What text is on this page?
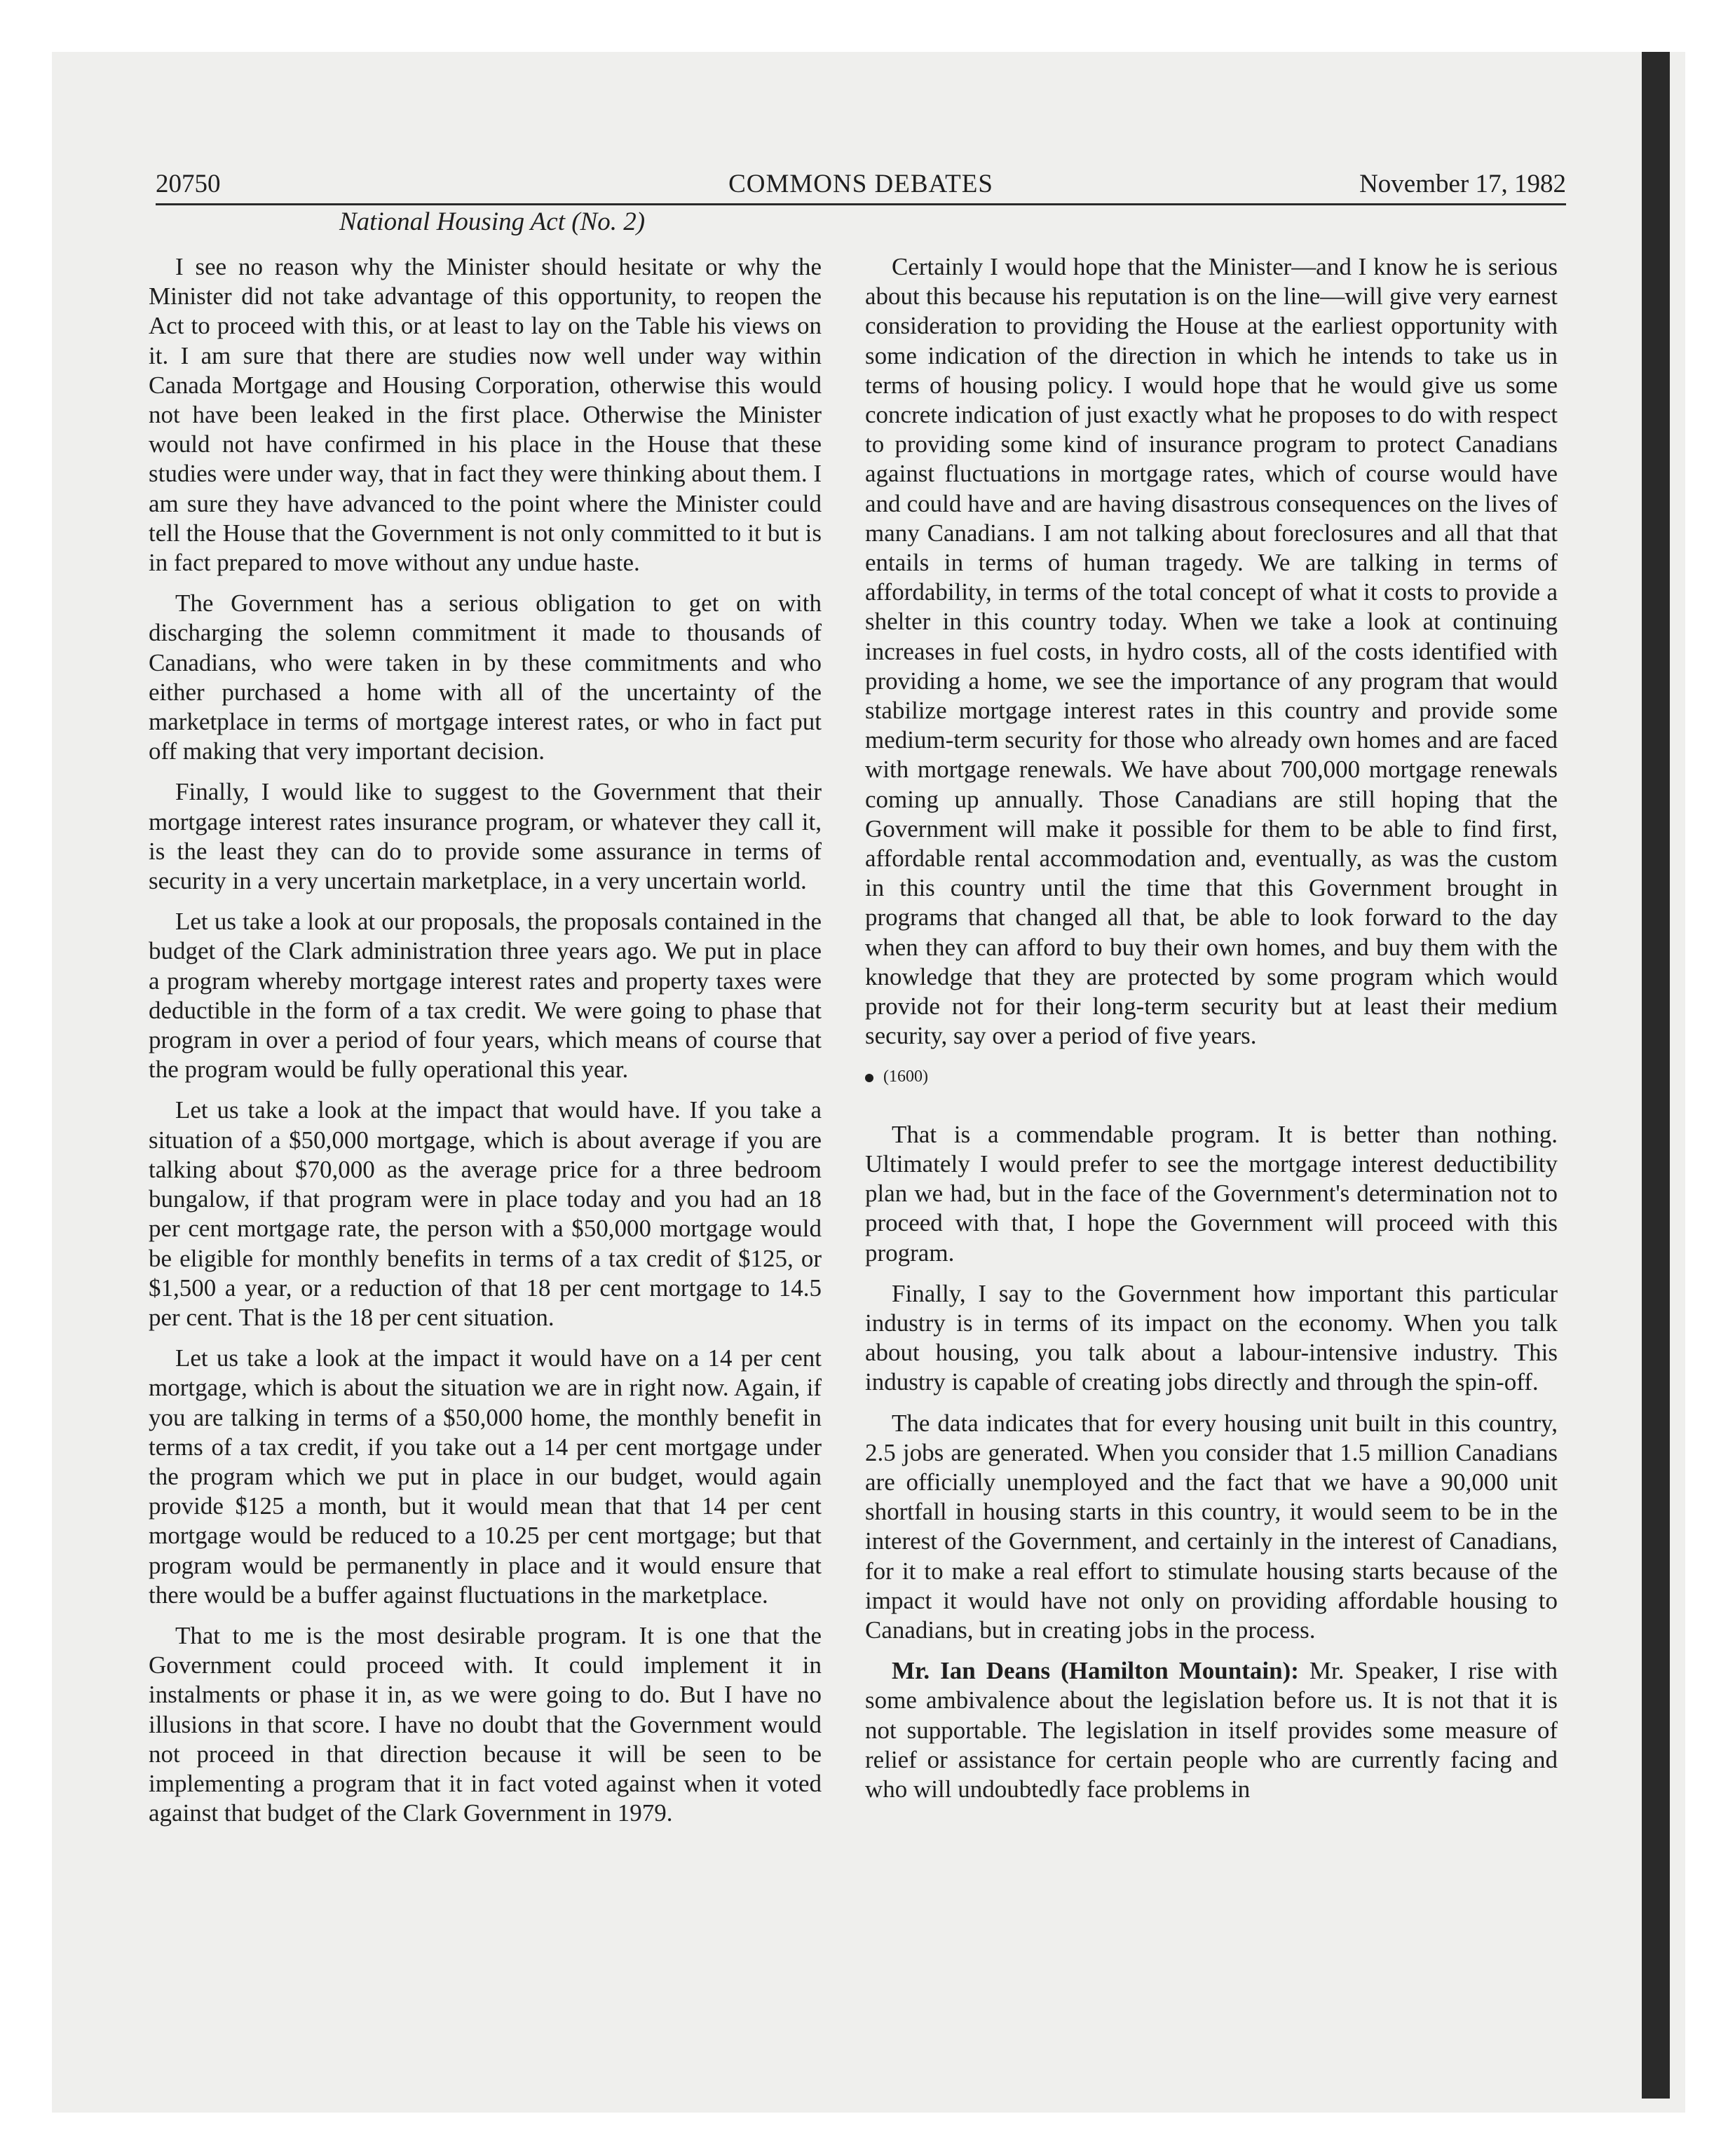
20750	COMMONS DEBATES	November 17, 1982
National Housing Act (No. 2)

I see no reason why the Minister should hesitate or why the Minister did not take advantage of this opportunity, to reopen the Act to proceed with this, or at least to lay on the Table his views on it. I am sure that there are studies now well under way within Canada Mortgage and Housing Corporation, otherwise this would not have been leaked in the first place. Otherwise the Minister would not have confirmed in his place in the House that these studies were under way, that in fact they were thinking about them. I am sure they have advanced to the point where the Minister could tell the House that the Government is not only committed to it but is in fact prepared to move without any undue haste.

The Government has a serious obligation to get on with discharging the solemn commitment it made to thousands of Canadians, who were taken in by these commitments and who either purchased a home with all of the uncertainty of the marketplace in terms of mortgage interest rates, or who in fact put off making that very important decision.

Finally, I would like to suggest to the Government that their mortgage interest rates insurance program, or whatever they call it, is the least they can do to provide some assurance in terms of security in a very uncertain marketplace, in a very uncertain world.

Let us take a look at our proposals, the proposals contained in the budget of the Clark administration three years ago. We put in place a program whereby mortgage interest rates and property taxes were deductible in the form of a tax credit. We were going to phase that program in over a period of four years, which means of course that the program would be fully operational this year.

Let us take a look at the impact that would have. If you take a situation of a $50,000 mortgage, which is about average if you are talking about $70,000 as the average price for a three bedroom bungalow, if that program were in place today and you had an 18 per cent mortgage rate, the person with a $50,000 mortgage would be eligible for monthly benefits in terms of a tax credit of $125, or $1,500 a year, or a reduction of that 18 per cent mortgage to 14.5 per cent. That is the 18 per cent situation.

Let us take a look at the impact it would have on a 14 per cent mortgage, which is about the situation we are in right now. Again, if you are talking in terms of a $50,000 home, the monthly benefit in terms of a tax credit, if you take out a 14 per cent mortgage under the program which we put in place in our budget, would again provide $125 a month, but it would mean that that 14 per cent mortgage would be reduced to a 10.25 per cent mortgage; but that program would be permanently in place and it would ensure that there would be a buffer against fluctuations in the marketplace.

That to me is the most desirable program. It is one that the Government could proceed with. It could implement it in instalments or phase it in, as we were going to do. But I have no illusions in that score. I have no doubt that the Government would not proceed in that direction because it will be seen to be implementing a program that it in fact voted against when it voted against that budget of the Clark Government in 1979.

Certainly I would hope that the Minister—and I know he is serious about this because his reputation is on the line—will give very earnest consideration to providing the House at the earliest opportunity with some indication of the direction in which he intends to take us in terms of housing policy. I would hope that he would give us some concrete indication of just exactly what he proposes to do with respect to providing some kind of insurance program to protect Canadians against fluctuations in mortgage rates, which of course would have and could have and are having disastrous consequences on the lives of many Canadians. I am not talking about foreclosures and all that that entails in terms of human tragedy. We are talking in terms of affordability, in terms of the total concept of what it costs to provide a shelter in this country today. When we take a look at continuing increases in fuel costs, in hydro costs, all of the costs identified with providing a home, we see the importance of any program that would stabilize mortgage interest rates in this country and provide some medium-term security for those who already own homes and are faced with mortgage renewals. We have about 700,000 mortgage renewals coming up annually. Those Canadians are still hoping that the Government will make it possible for them to be able to find first, affordable rental accommodation and, eventually, as was the custom in this country until the time that this Government brought in programs that changed all that, be able to look forward to the day when they can afford to buy their own homes, and buy them with the knowledge that they are protected by some program which would provide not for their long-term security but at least their medium security, say over a period of five years.

(1600)

That is a commendable program. It is better than nothing. Ultimately I would prefer to see the mortgage interest deductibility plan we had, but in the face of the Government's determination not to proceed with that, I hope the Government will proceed with this program.

Finally, I say to the Government how important this particular industry is in terms of its impact on the economy. When you talk about housing, you talk about a labour-intensive industry. This industry is capable of creating jobs directly and through the spin-off.

The data indicates that for every housing unit built in this country, 2.5 jobs are generated. When you consider that 1.5 million Canadians are officially unemployed and the fact that we have a 90,000 unit shortfall in housing starts in this country, it would seem to be in the interest of the Government, and certainly in the interest of Canadians, for it to make a real effort to stimulate housing starts because of the impact it would have not only on providing affordable housing to Canadians, but in creating jobs in the process.

Mr. Ian Deans (Hamilton Mountain): Mr. Speaker, I rise with some ambivalence about the legislation before us. It is not that it is not supportable. The legislation in itself provides some measure of relief or assistance for certain people who are currently facing and who will undoubtedly face problems in
